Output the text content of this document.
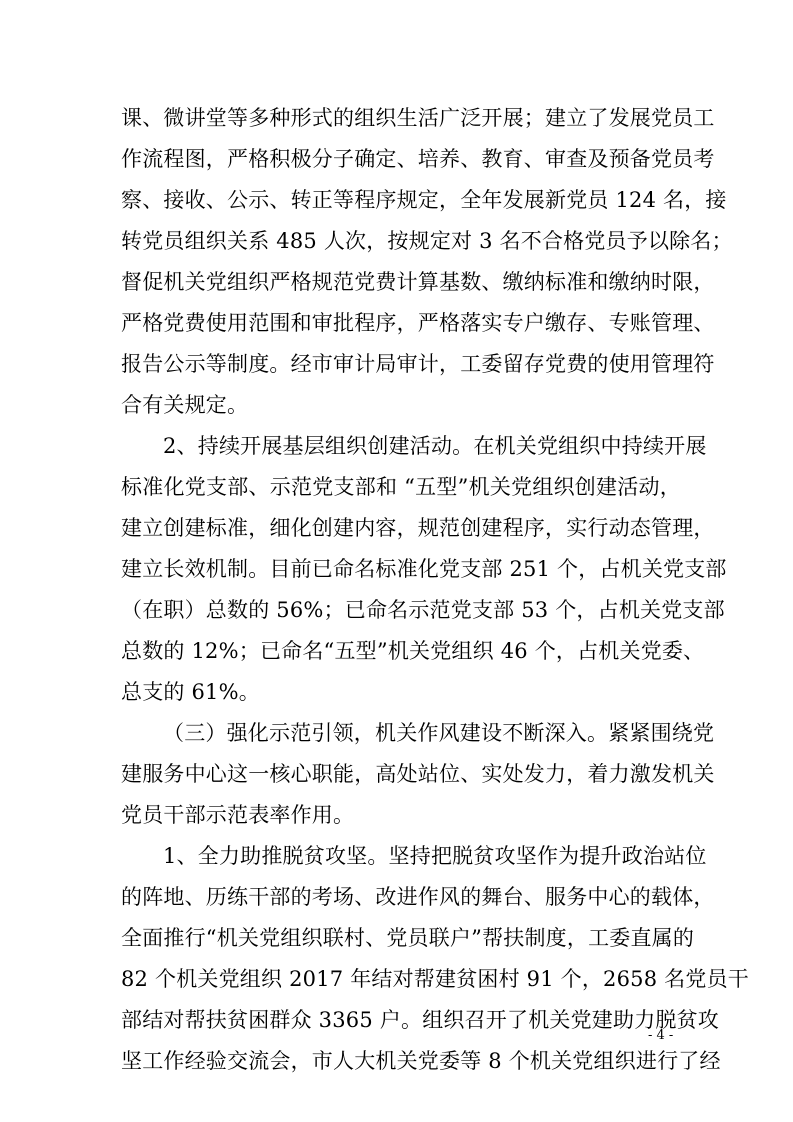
课、微讲堂等多种形式的组织生活广泛开展；建立了发展党员工
作流程图，严格积极分子确定、培养、教育、审查及预备党员考
察、接收、公示、转正等程序规定，全年发展新党员 124 名，接
转党员组织关系 485 人次，按规定对 3 名不合格党员予以除名；
督促机关党组织严格规范党费计算基数、缴纳标准和缴纳时限，
严格党费使用范围和审批程序，严格落实专户缴存、专账管理、
报告公示等制度。经市审计局审计，工委留存党费的使用管理符
合有关规定。
2、持续开展基层组织创建活动。在机关党组织中持续开展
标准化党支部、示范党支部和 “五型”机关党组织创建活动，
建立创建标准，细化创建内容，规范创建程序，实行动态管理，
建立长效机制。目前已命名标准化党支部 251 个，占机关党支部
（在职）总数的 56%；已命名示范党支部 53 个，占机关党支部
总数的 12%；已命名“五型”机关党组织 46 个，占机关党委、
总支的 61%。
（三）强化示范引领，机关作风建设不断深入。紧紧围绕党
建服务中心这一核心职能，高处站位、实处发力，着力激发机关
党员干部示范表率作用。
1、全力助推脱贫攻坚。坚持把脱贫攻坚作为提升政治站位
的阵地、历练干部的考场、改进作风的舞台、服务中心的载体，
全面推行“机关党组织联村、党员联户”帮扶制度，工委直属的
82 个机关党组织 2017 年结对帮建贫困村 91 个，2658 名党员干
部结对帮扶贫困群众 3365 户。组织召开了机关党建助力脱贫攻
坚工作经验交流会，市人大机关党委等 8 个机关党组织进行了经
- 4 -
